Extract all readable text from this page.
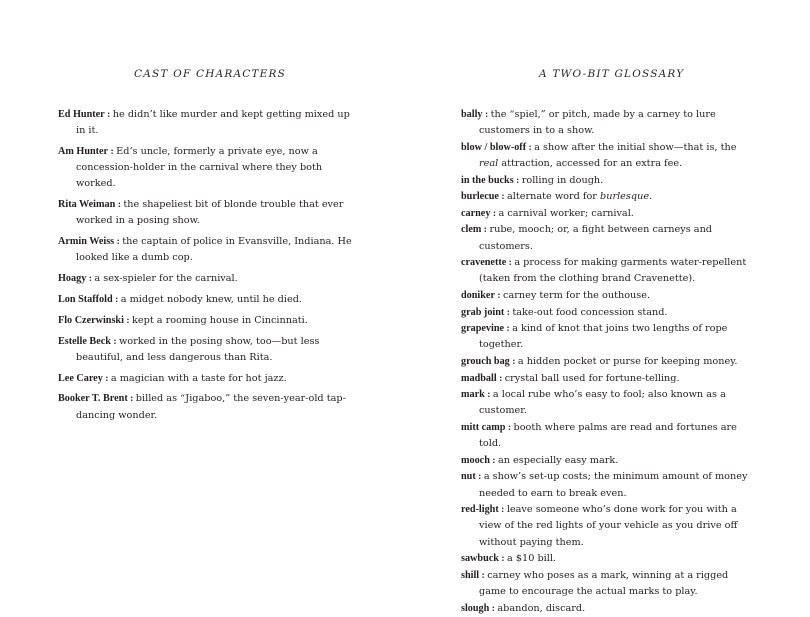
CAST OF CHARACTERS

Ed Hunter : he didn’t like murder and kept getting mixed up in it.

Am Hunter : Ed’s uncle, formerly a private eye, now a concession-holder in the carnival where they both worked.

Rita Weiman : the shapeliest bit of blonde trouble that ever worked in a posing show.

Armin Weiss : the captain of police in Evansville, Indiana. He looked like a dumb cop.

Hoagy : a sex-spieler for the carnival.

Lon Staffold : a midget nobody knew, until he died.

Flo Czerwinski : kept a rooming house in Cincinnati.

Estelle Beck : worked in the posing show, too—but less beautiful, and less dangerous than Rita.

Lee Carey : a magician with a taste for hot jazz.

Booker T. Brent : billed as “Jigaboo,” the seven-year-old tap-dancing wonder.

A TWO-BIT GLOSSARY

bally : the “spiel,” or pitch, made by a carney to lure customers in to a show.

blow / blow-off : a show after the initial show—that is, the real attraction, accessed for an extra fee.

in the bucks : rolling in dough.

burlecue : alternate word for burlesque.

carney : a carnival worker; carnival.

clem : rube, mooch; or, a fight between carneys and customers.

cravenette : a process for making garments water-repellent (taken from the clothing brand Cravenette).

doniker : carney term for the outhouse.

grab joint : take-out food concession stand.

grapevine : a kind of knot that joins two lengths of rope together.

grouch bag : a hidden pocket or purse for keeping money.

madball : crystal ball used for fortune-telling.

mark : a local rube who’s easy to fool; also known as a customer.

mitt camp : booth where palms are read and fortunes are told.

mooch : an especially easy mark.

nut : a show’s set-up costs; the minimum amount of money needed to earn to break even.

red-light : leave someone who’s done work for you with a view of the red lights of your vehicle as you drive off without paying them.

sawbuck : a $10 bill.

shill : carney who poses as a mark, winning at a rigged game to encourage the actual marks to play.

slough : abandon, discard.
